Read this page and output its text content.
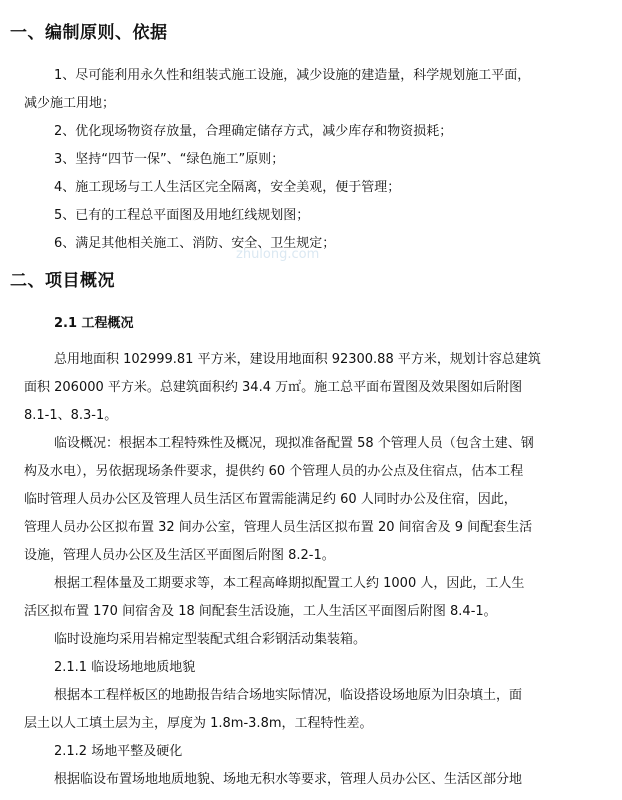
一、编制原则、依据
1、尽可能利用永久性和组装式施工设施，减少设施的建造量，科学规划施工平面，
减少施工用地；
2、优化现场物资存放量，合理确定储存方式，减少库存和物资损耗；
3、坚持“四节一保”、“绿色施工”原则；
4、施工现场与工人生活区完全隔离，安全美观，便于管理；
5、已有的工程总平面图及用地红线规划图；
6、满足其他相关施工、消防、安全、卫生规定；
zhulong.com
二、项目概况
2.1 工程概况
总用地面积 102999.81 平方米，建设用地面积 92300.88 平方米，规划计容总建筑
面积 206000 平方米。总建筑面积约 34.4 万㎡。施工总平面布置图及效果图如后附图
8.1-1、8.3-1。
临设概况：根据本工程特殊性及概况，现拟准备配置 58 个管理人员（包含土建、钢
构及水电），另依据现场条件要求，提供约 60 个管理人员的办公点及住宿点，估本工程
临时管理人员办公区及管理人员生活区布置需能满足约 60 人同时办公及住宿，因此，
管理人员办公区拟布置 32 间办公室，管理人员生活区拟布置 20 间宿舍及 9 间配套生活
设施，管理人员办公区及生活区平面图后附图 8.2-1。
根据工程体量及工期要求等，本工程高峰期拟配置工人约 1000 人，因此，工人生
活区拟布置 170 间宿舍及 18 间配套生活设施，工人生活区平面图后附图 8.4-1。
临时设施均采用岩棉定型装配式组合彩钢活动集装箱。
2.1.1 临设场地地质地貌
根据本工程样板区的地勘报告结合场地实际情况，临设搭设场地原为旧杂填土，面
层土以人工填土层为主，厚度为 1.8m-3.8m，工程特性差。
2.1.2 场地平整及硬化
根据临设布置场地地质地貌、场地无积水等要求，管理人员办公区、生活区部分地
